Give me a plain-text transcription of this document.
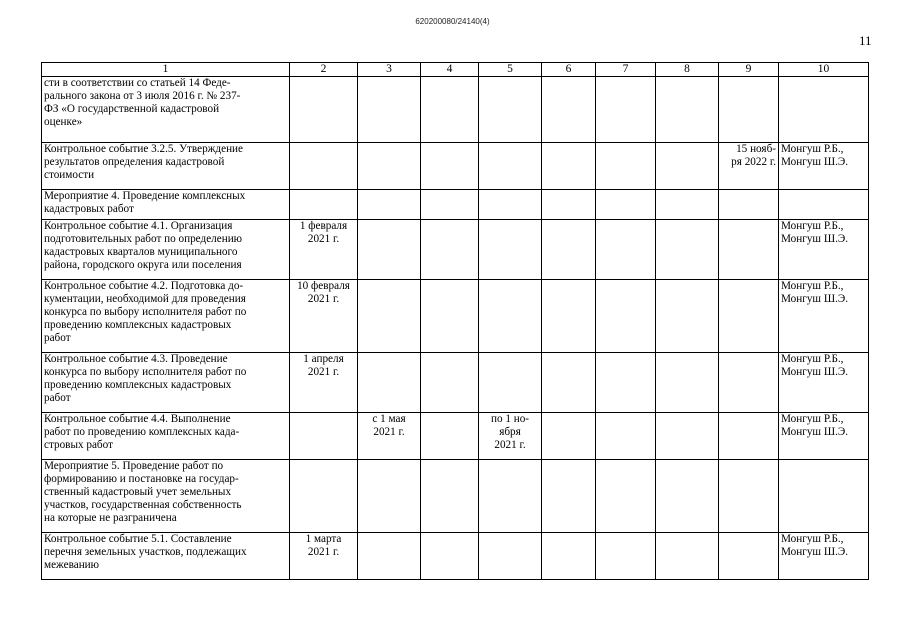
620200080/24140(4)
11
1	2	3	4	5	6	7	8	9	10
сти в соответствии со статьей 14 Феде-
рального закона от 3 июля 2016 г. № 237-
ФЗ «О государственной кадастровой
оценке»									
Контрольное событие 3.2.5. Утверждение
результатов определения кадастровой
стоимости								15 нояб-
ря 2022 г.	Монгуш Р.Б.,
Монгуш Ш.Э.
Мероприятие 4. Проведение комплексных
кадастровых работ									
Контрольное событие 4.1. Организация
подготовительных работ по определению
кадастровых кварталов муниципального
района, городского округа или поселения	1 февраля
2021 г.								Монгуш Р.Б.,
Монгуш Ш.Э.
Контрольное событие 4.2. Подготовка до-
кументации, необходимой для проведения
конкурса по выбору исполнителя работ по
проведению комплексных кадастровых
работ	10 февраля
2021 г.								Монгуш Р.Б.,
Монгуш Ш.Э.
Контрольное событие 4.3. Проведение
конкурса по выбору исполнителя работ по
проведению комплексных кадастровых
работ	1 апреля
2021 г.								Монгуш Р.Б.,
Монгуш Ш.Э.
Контрольное событие 4.4. Выполнение
работ по проведению комплексных када-
стровых работ		с 1 мая
2021 г.		по 1 но-
ября
2021 г.					Монгуш Р.Б.,
Монгуш Ш.Э.
Мероприятие 5. Проведение работ по
формированию и постановке на государ-
ственный кадастровый учет земельных
участков, государственная собственность
на которые не разграничена									
Контрольное событие 5.1. Составление
перечня земельных участков, подлежащих
межеванию	1 марта
2021 г.								Монгуш Р.Б.,
Монгуш Ш.Э.
